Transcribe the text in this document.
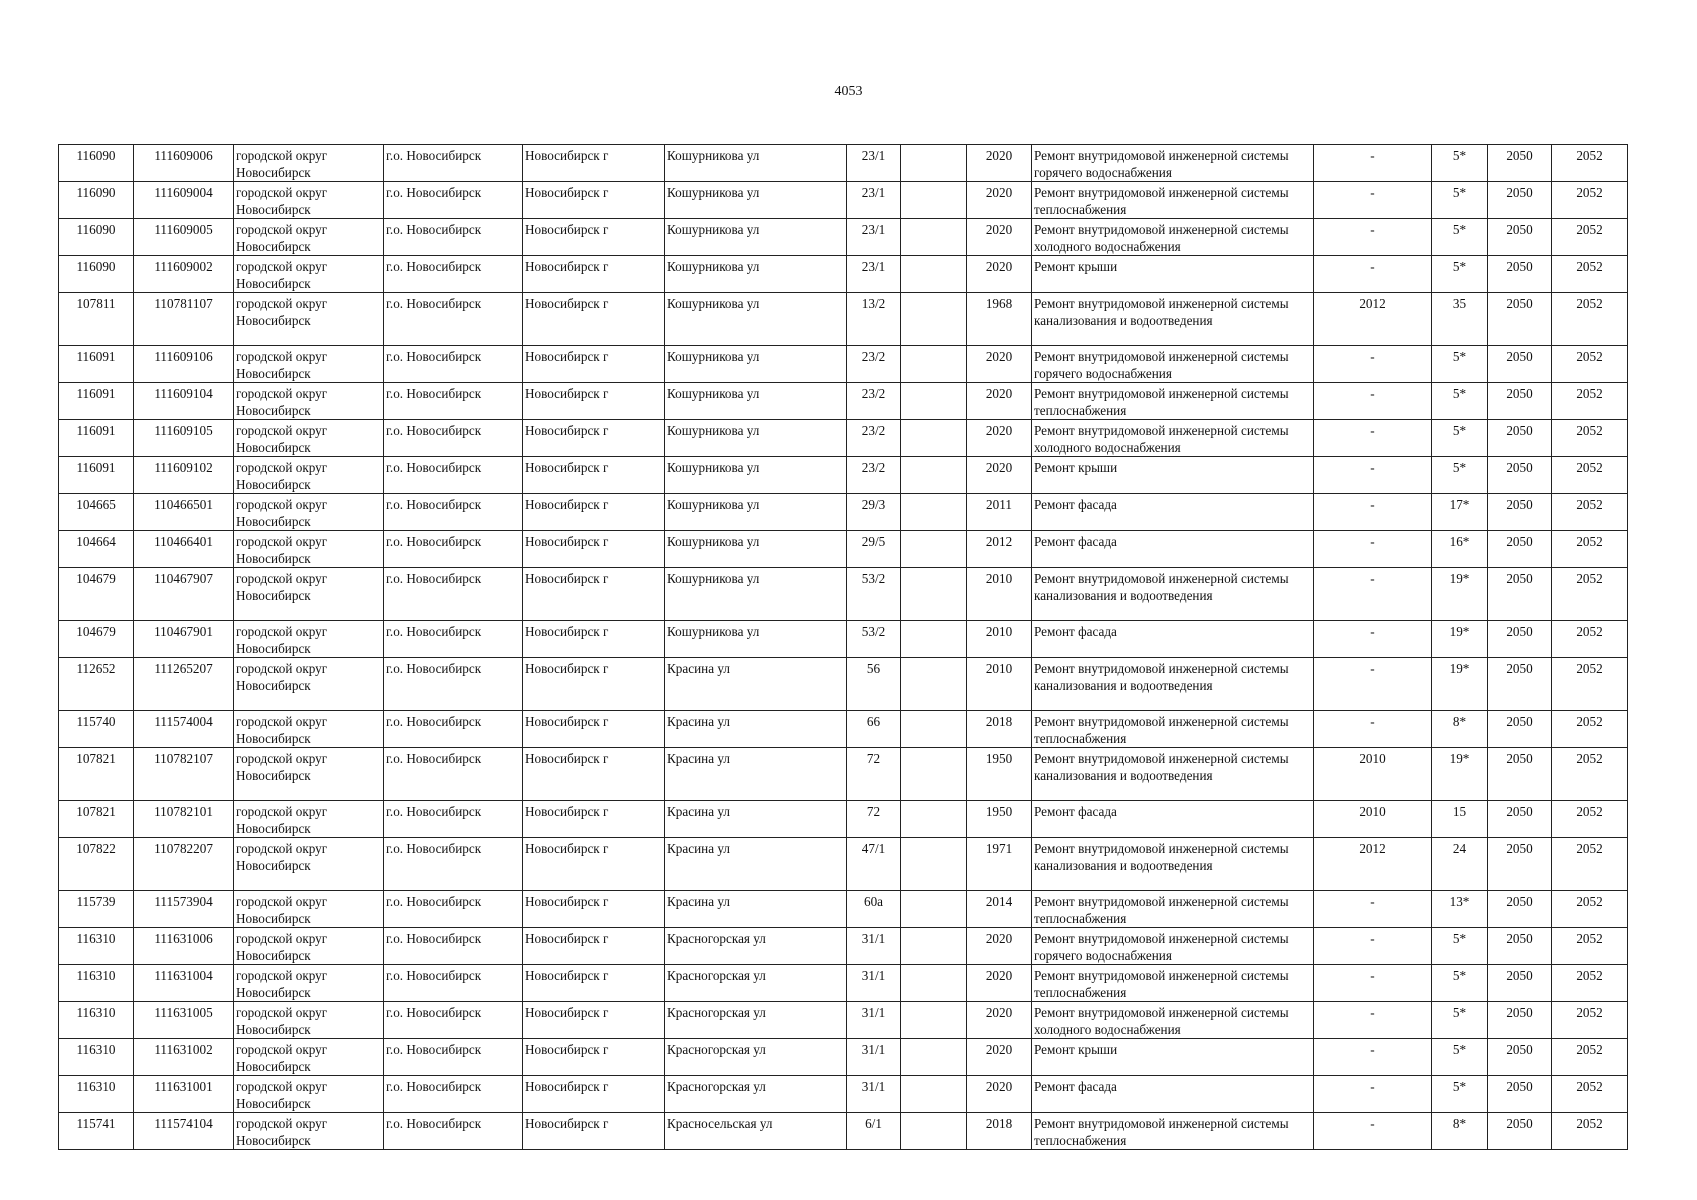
4053
116090	111609006	городской округ Новосибирск	г.о. Новосибирск	Новосибирск г	Кошурникова ул	23/1		2020	Ремонт внутридомовой инженерной системы горячего водоснабжения	-	5*	2050	2052
116090	111609004	городской округ Новосибирск	г.о. Новосибирск	Новосибирск г	Кошурникова ул	23/1		2020	Ремонт внутридомовой инженерной системы теплоснабжения	-	5*	2050	2052
116090	111609005	городской округ Новосибирск	г.о. Новосибирск	Новосибирск г	Кошурникова ул	23/1		2020	Ремонт внутридомовой инженерной системы холодного водоснабжения	-	5*	2050	2052
116090	111609002	городской округ Новосибирск	г.о. Новосибирск	Новосибирск г	Кошурникова ул	23/1		2020	Ремонт крыши	-	5*	2050	2052
107811	110781107	городской округ Новосибирск	г.о. Новосибирск	Новосибирск г	Кошурникова ул	13/2		1968	Ремонт внутридомовой инженерной системы канализования и водоотведения	2012	35	2050	2052
116091	111609106	городской округ Новосибирск	г.о. Новосибирск	Новосибирск г	Кошурникова ул	23/2		2020	Ремонт внутридомовой инженерной системы горячего водоснабжения	-	5*	2050	2052
116091	111609104	городской округ Новосибирск	г.о. Новосибирск	Новосибирск г	Кошурникова ул	23/2		2020	Ремонт внутридомовой инженерной системы теплоснабжения	-	5*	2050	2052
116091	111609105	городской округ Новосибирск	г.о. Новосибирск	Новосибирск г	Кошурникова ул	23/2		2020	Ремонт внутридомовой инженерной системы холодного водоснабжения	-	5*	2050	2052
116091	111609102	городской округ Новосибирск	г.о. Новосибирск	Новосибирск г	Кошурникова ул	23/2		2020	Ремонт крыши	-	5*	2050	2052
104665	110466501	городской округ Новосибирск	г.о. Новосибирск	Новосибирск г	Кошурникова ул	29/3		2011	Ремонт фасада	-	17*	2050	2052
104664	110466401	городской округ Новосибирск	г.о. Новосибирск	Новосибирск г	Кошурникова ул	29/5		2012	Ремонт фасада	-	16*	2050	2052
104679	110467907	городской округ Новосибирск	г.о. Новосибирск	Новосибирск г	Кошурникова ул	53/2		2010	Ремонт внутридомовой инженерной системы канализования и водоотведения	-	19*	2050	2052
104679	110467901	городской округ Новосибирск	г.о. Новосибирск	Новосибирск г	Кошурникова ул	53/2		2010	Ремонт фасада	-	19*	2050	2052
112652	111265207	городской округ Новосибирск	г.о. Новосибирск	Новосибирск г	Красина ул	56		2010	Ремонт внутридомовой инженерной системы канализования и водоотведения	-	19*	2050	2052
115740	111574004	городской округ Новосибирск	г.о. Новосибирск	Новосибирск г	Красина ул	66		2018	Ремонт внутридомовой инженерной системы теплоснабжения	-	8*	2050	2052
107821	110782107	городской округ Новосибирск	г.о. Новосибирск	Новосибирск г	Красина ул	72		1950	Ремонт внутридомовой инженерной системы канализования и водоотведения	2010	19*	2050	2052
107821	110782101	городской округ Новосибирск	г.о. Новосибирск	Новосибирск г	Красина ул	72		1950	Ремонт фасада	2010	15	2050	2052
107822	110782207	городской округ Новосибирск	г.о. Новосибирск	Новосибирск г	Красина ул	47/1		1971	Ремонт внутридомовой инженерной системы канализования и водоотведения	2012	24	2050	2052
115739	111573904	городской округ Новосибирск	г.о. Новосибирск	Новосибирск г	Красина ул	60а		2014	Ремонт внутридомовой инженерной системы теплоснабжения	-	13*	2050	2052
116310	111631006	городской округ Новосибирск	г.о. Новосибирск	Новосибирск г	Красногорская ул	31/1		2020	Ремонт внутридомовой инженерной системы горячего водоснабжения	-	5*	2050	2052
116310	111631004	городской округ Новосибирск	г.о. Новосибирск	Новосибирск г	Красногорская ул	31/1		2020	Ремонт внутридомовой инженерной системы теплоснабжения	-	5*	2050	2052
116310	111631005	городской округ Новосибирск	г.о. Новосибирск	Новосибирск г	Красногорская ул	31/1		2020	Ремонт внутридомовой инженерной системы холодного водоснабжения	-	5*	2050	2052
116310	111631002	городской округ Новосибирск	г.о. Новосибирск	Новосибирск г	Красногорская ул	31/1		2020	Ремонт крыши	-	5*	2050	2052
116310	111631001	городской округ Новосибирск	г.о. Новосибирск	Новосибирск г	Красногорская ул	31/1		2020	Ремонт фасада	-	5*	2050	2052
115741	111574104	городской округ Новосибирск	г.о. Новосибирск	Новосибирск г	Красносельская ул	6/1		2018	Ремонт внутридомовой инженерной системы теплоснабжения	-	8*	2050	2052
